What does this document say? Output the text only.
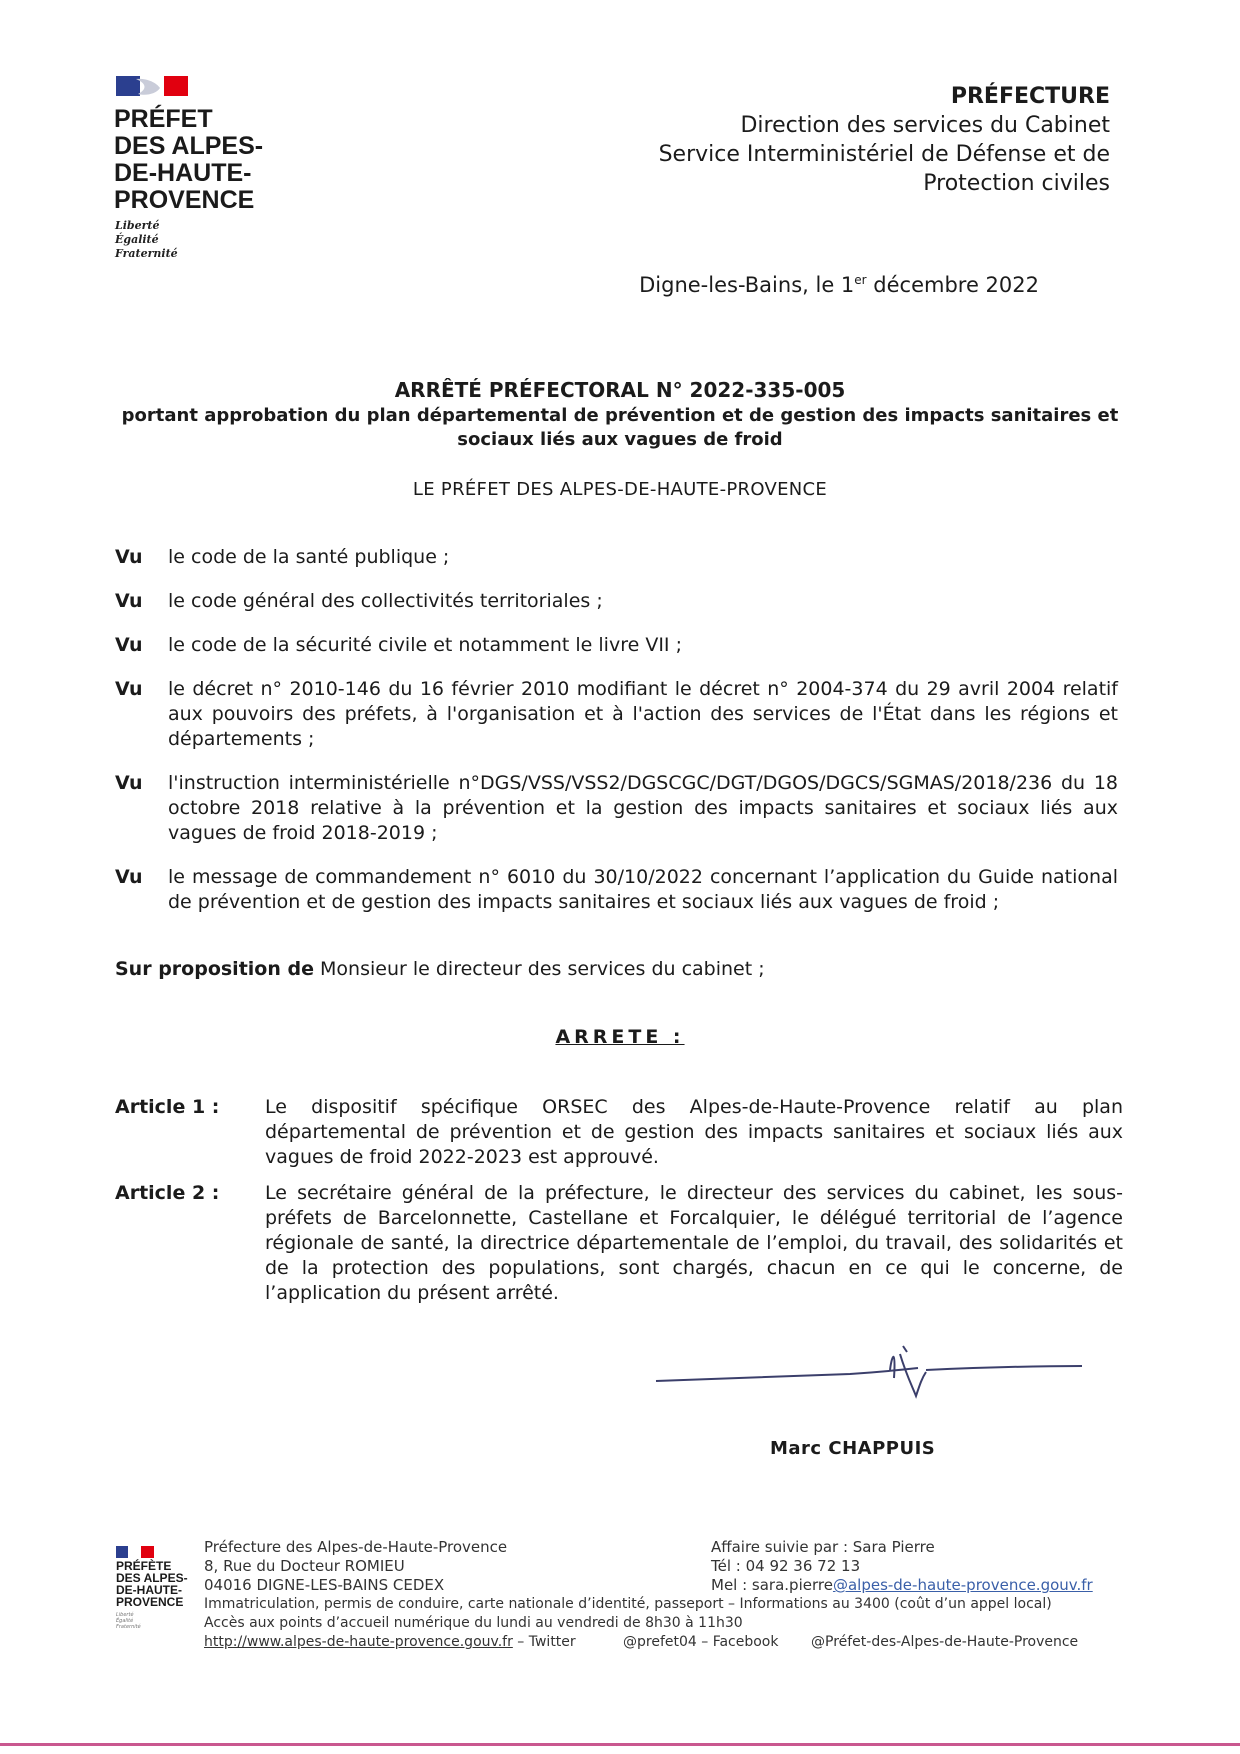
PRÉFET
DES ALPES-
DE-HAUTE-
PROVENCE
Liberté
Égalité
Fraternité
PRÉFECTURE
Direction des services du Cabinet
Service Interministériel de Défense et de
Protection civiles
Digne-les-Bains, le 1er décembre 2022
ARRÊTÉ PRÉFECTORAL N° 2022-335-005
portant approbation du plan départemental de prévention et de gestion des impacts sanitaires et
sociaux liés aux vagues de froid
LE PRÉFET DES ALPES-DE-HAUTE-PROVENCE
Vu le code de la santé publique ;
Vu le code général des collectivités territoriales ;
Vu le code de la sécurité civile et notamment le livre VII ;
Vu le décret n° 2010-146 du 16 février 2010 modifiant le décret n° 2004-374 du 29 avril 2004 relatif aux pouvoirs des préfets, à l'organisation et à l'action des services de l'État dans les régions et départements ;
Vu l'instruction interministérielle n°DGS/VSS/VSS2/DGSCGC/DGT/DGOS/DGCS/SGMAS/2018/236 du 18 octobre 2018 relative à la prévention et la gestion des impacts sanitaires et sociaux liés aux vagues de froid 2018-2019 ;
Vu le message de commandement n° 6010 du 30/10/2022 concernant l’application du Guide national de prévention et de gestion des impacts sanitaires et sociaux liés aux vagues de froid ;
Sur proposition de Monsieur le directeur des services du cabinet ;
ARRETE :
Article 1 : Le dispositif spécifique ORSEC des Alpes-de-Haute-Provence relatif au plan départemental de prévention et de gestion des impacts sanitaires et sociaux liés aux vagues de froid 2022-2023 est approuvé.
Article 2 : Le secrétaire général de la préfecture, le directeur des services du cabinet, les sous-préfets de Barcelonnette, Castellane et Forcalquier, le délégué territorial de l’agence régionale de santé, la directrice départementale de l’emploi, du travail, des solidarités et de la protection des populations, sont chargés, chacun en ce qui le concerne, de l’application du présent arrêté.
Marc CHAPPUIS
PRÉFÈTE
DES ALPES-
DE-HAUTE-
PROVENCE
Liberté
Égalité
Fraternité
Préfecture des Alpes-de-Haute-Provence
8, Rue du Docteur ROMIEU
04016 DIGNE-LES-BAINS CEDEX
Affaire suivie par : Sara Pierre
Tél : 04 92 36 72 13
Mel : sara.pierre@alpes-de-haute-provence.gouv.fr
Immatriculation, permis de conduire, carte nationale d’identité, passeport – Informations au 3400 (coût d’un appel local)
Accès aux points d’accueil numérique du lundi au vendredi de 8h30 à 11h30
http://www.alpes-de-haute-provence.gouv.fr – Twitter	@prefet04 – Facebook @Préfet-des-Alpes-de-Haute-Provence
